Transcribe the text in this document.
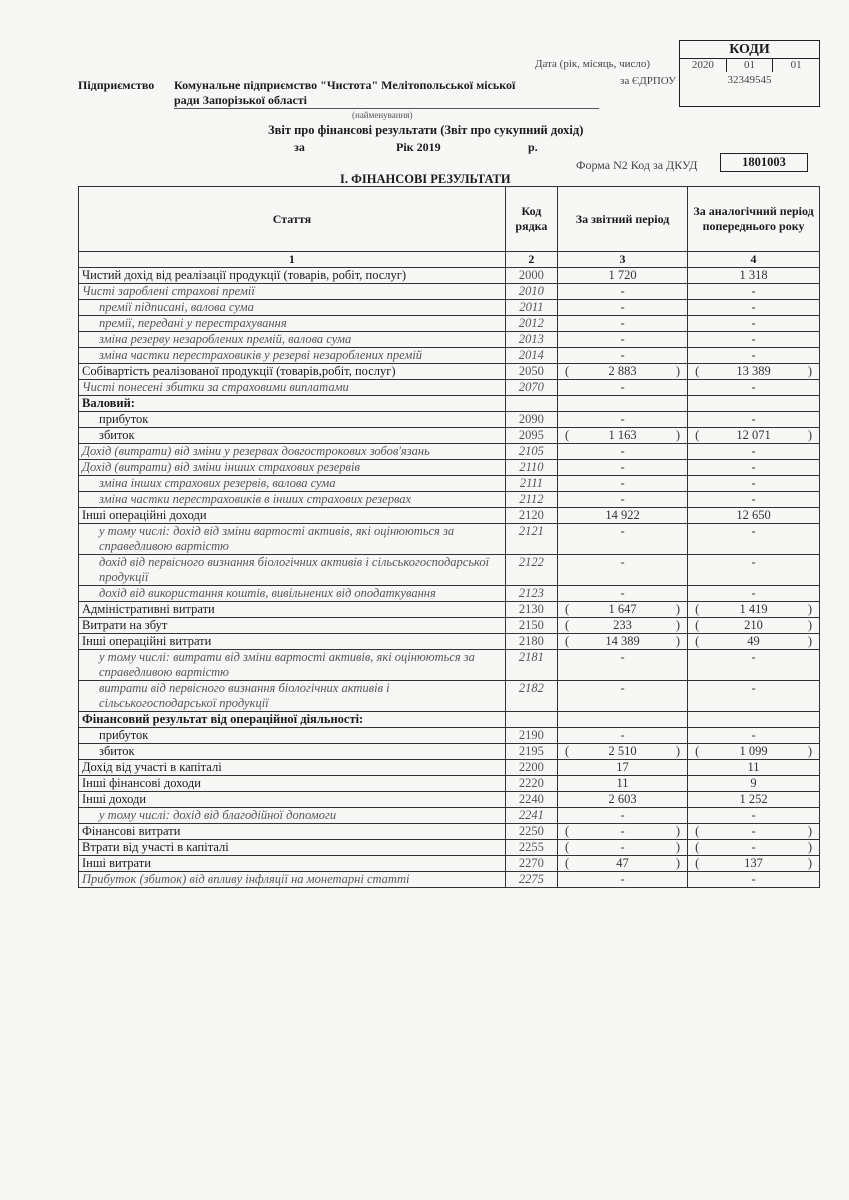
Дата (рік, місяць, число)
за ЄДРПОУ
КОДИ
2020	01	01
32349545
Підприємство Комунальне підприємство "Чистота" Мелітопольської міської
ради Запорізької області
(найменування)
Звіт про фінансові результати (Звіт про сукупний дохід)
за	Рік 2019	р.
Форма N2 Код за ДКУД	1801003
І. ФІНАНСОВІ РЕЗУЛЬТАТИ
Стаття	Код рядка	За звітний період	За аналогічний період попереднього року
1	2	3	4
Чистий дохід від реалізації продукції (товарів, робіт, послуг)	2000	1 720	1 318
Чисті зароблені страхові премії	2010	-	-
премії підписані, валова сума	2011	-	-
премії, передані у перестрахування	2012	-	-
зміна резерву незароблених премій, валова сума	2013	-	-
зміна частки перестраховиків у резерві незароблених премій	2014	-	-
Собівартість реалізованої продукції (товарів,робіт, послуг)	2050	( 2 883 )	( 13 389 )

Чисті понесені збитки за страховими виплатами	2070	-	-
Валовий:			
прибуток	2090	-	-
збиток	2095	( 1 163 )	( 12 071 )

Дохід (витрати) від зміни у резервах довгострокових зобов'язань	2105	-	-
Дохід (витрати) від зміни інших страхових резервів	2110	-	-
зміна інших страхових резервів, валова сума	2111	-	-
зміна частки перестраховиків в інших страхових резервах	2112	-	-
Інші операційні доходи	2120	14 922	12 650
у тому числі: дохід від зміни вартості активів, які оцінюються за справедливою вартістю	2121	-	-
дохід від первісного визнання біологічних активів і сільськогосподарської продукції	2122	-	-
дохід від використання коштів, вивільнених від оподаткування	2123	-	-
Адміністративні витрати	2130	( 1 647 )	( 1 419 )

Витрати на збут	2150	( 233 )	( 210 )

Інші операційні витрати	2180	( 14 389 )	( 49 )

у тому числі: витрати від зміни вартості активів, які оцінюються за справедливою вартістю	2181	-	-
витрати від первісного визнання біологічних активів і сільськогосподарської продукції	2182	-	-
Фінансовий результат від операційної діяльності:			
прибуток	2190	-	-
збиток	2195	( 2 510 )	( 1 099 )

Дохід від участі в капіталі	2200	17	11
Інші фінансові доходи	2220	11	9
Інші доходи	2240	2 603	1 252
у тому числі: дохід від благодійної допомоги	2241	-	-
Фінансові витрати	2250	( - )	( - )

Втрати від участі в капіталі	2255	( - )	( - )

Інші витрати	2270	( 47 )	( 137 )

Прибуток (збиток) від впливу інфляції на монетарні статті	2275	-	-
